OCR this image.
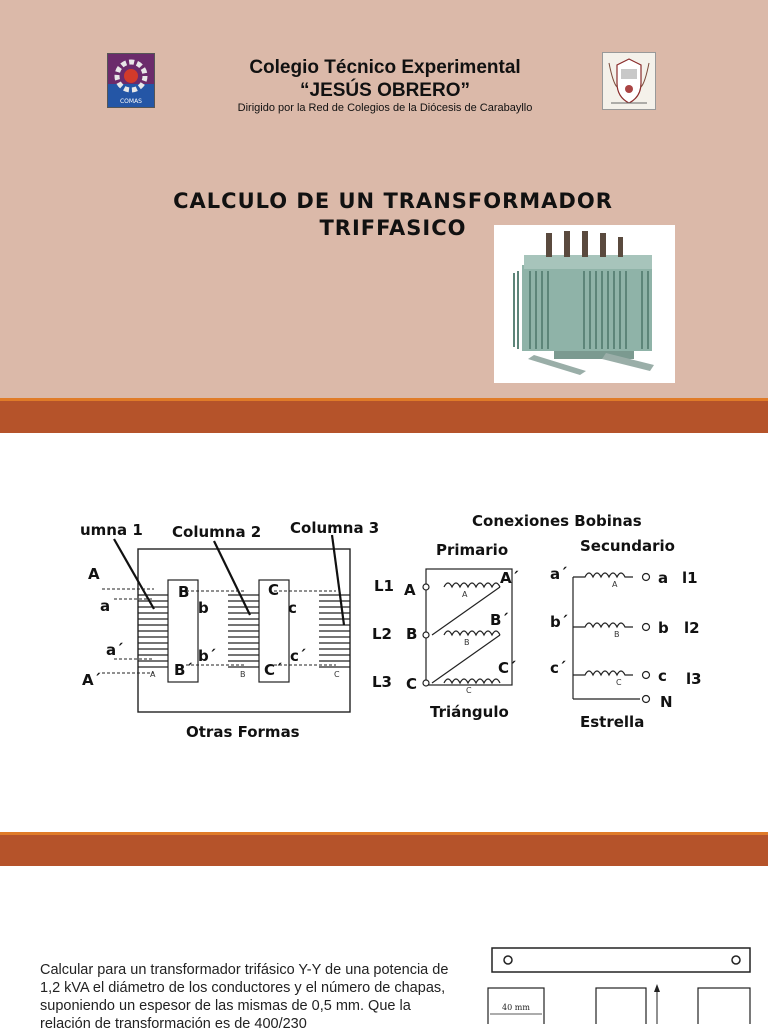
COMAS
Colegio Técnico Experimental
“JESÚS OBRERO”
Dirigido por la Red de Colegios de la Diócesis de Carabayllo
CALCULO DE UN TRANSFORMADOR
TRIFFASICO
umna 1 Columna 2 Columna 3
A
a
a´
A´
B
b
b´
B´
C
c
c´
C´
A	B	C
Otras Formas
Conexiones Bobinas
Primario
L1 A
L2 B
L3 C
A´
B´
C´
A
B
C
Triángulo
Secundario
a´
b´
c´
a
b
c
l1
l2
l3
N
A
B
C
Estrella
Calcular para un transformador trifásico Y-Y de una potencia de 1,2 kVA el diámetro de los conductores y el número de chapas, suponiendo un espesor de las mismas de 0,5 mm. Que la relación de transformación es de 400/230
40 mm
